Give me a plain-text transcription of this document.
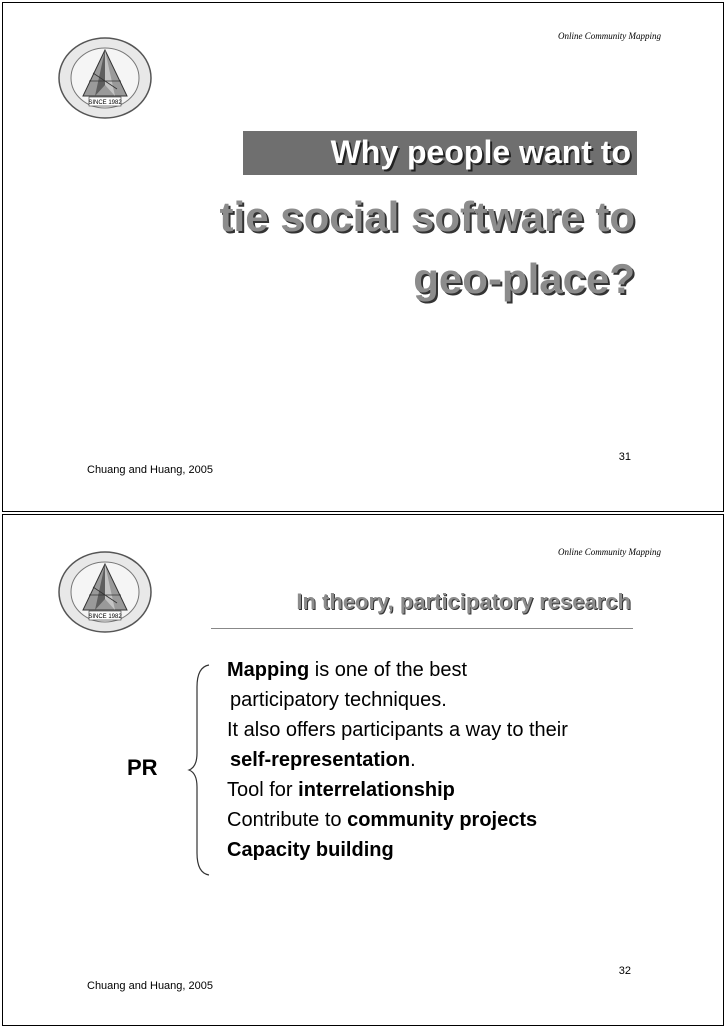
Online Community Mapping
SINCE 1982
Why people want to
tie social software to
geo-place?
31
Chuang and Huang, 2005
Online Community Mapping
SINCE 1982
In theory, participatory research
PR
Mapping is one of the best
participatory techniques.
It also offers participants a way to their
self-representation.
Tool for interrelationship
Contribute to community projects
Capacity building
32
Chuang and Huang, 2005
